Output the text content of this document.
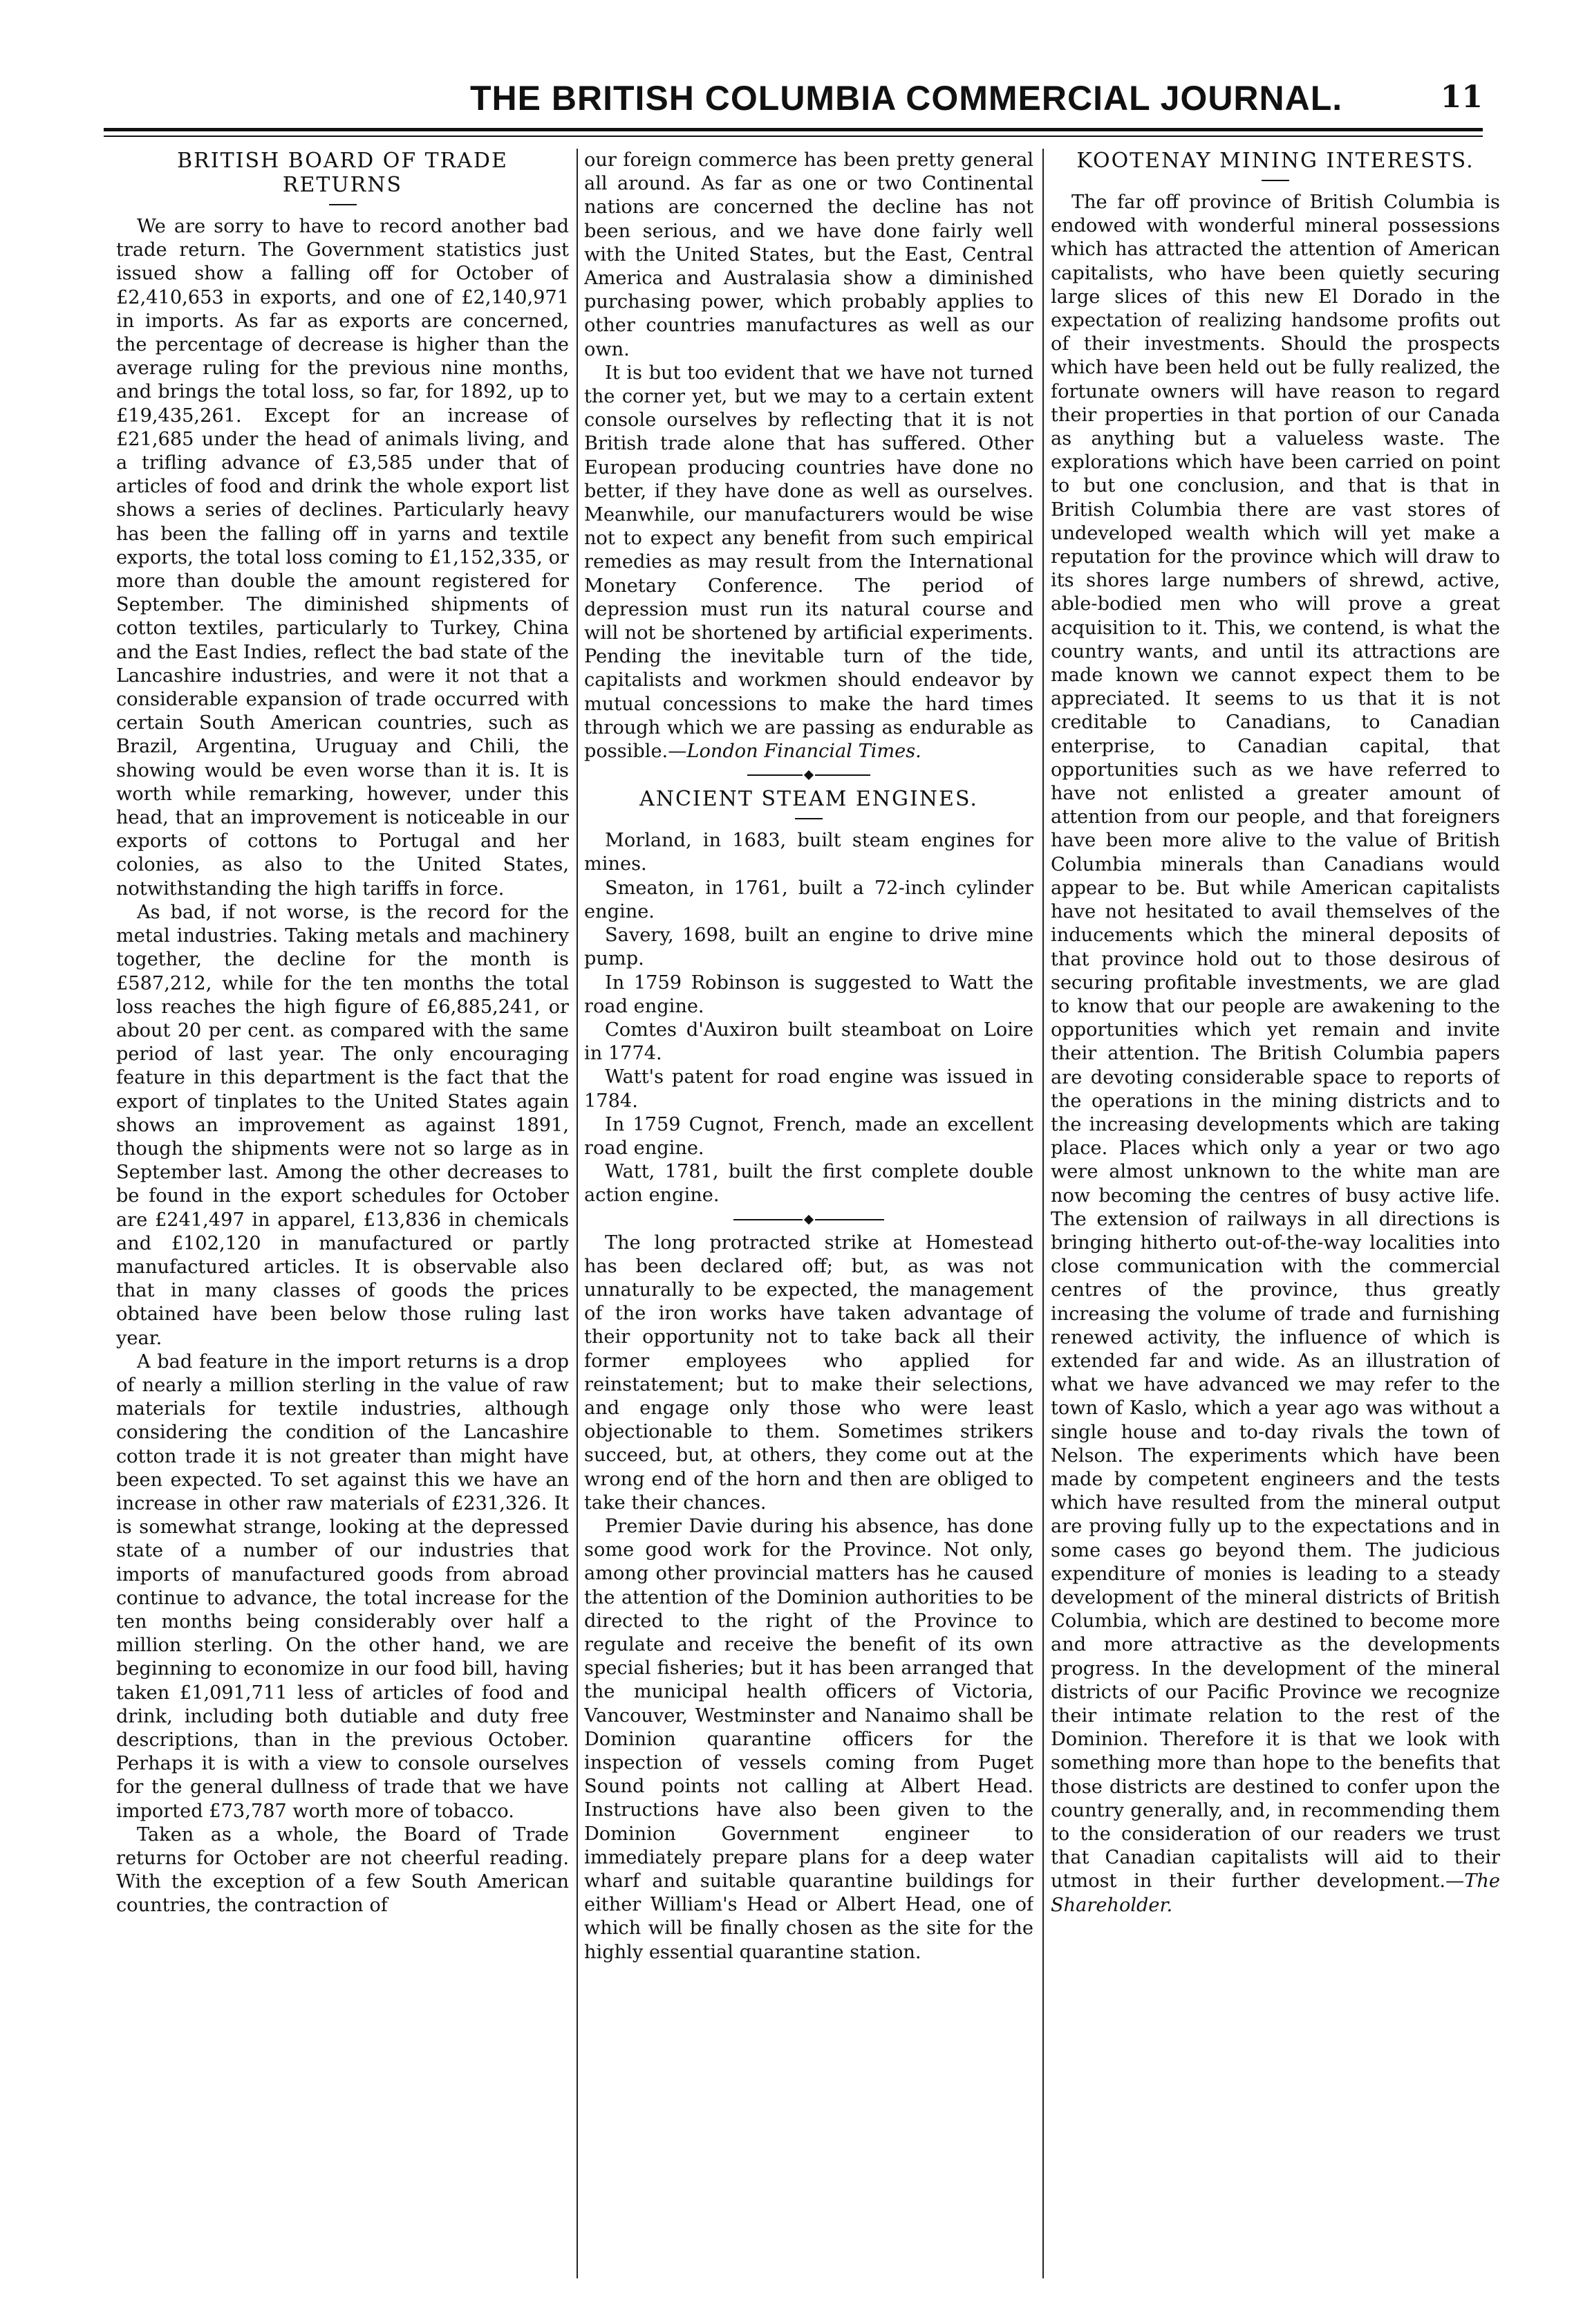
THE BRITISH COLUMBIA COMMERCIAL JOURNAL.	11
BRITISH BOARD OF TRADE RETURNS

We are sorry to have to record another bad trade return. The Government statistics just issued show a falling off for October of £2,410,653 in exports, and one of £2,140,971 in imports. As far as exports are concerned, the percentage of decrease is higher than the average ruling for the previous nine months, and brings the total loss, so far, for 1892, up to £19,435,261. Except for an increase of £21,685 under the head of animals living, and a trifling advance of £3,585 under that of articles of food and drink the whole export list shows a series of declines. Particularly heavy has been the falling off in yarns and textile exports, the total loss coming to £1,152,335, or more than double the amount registered for September. The diminished shipments of cotton textiles, particularly to Turkey, China and the East Indies, reflect the bad state of the Lancashire industries, and were it not that a considerable expansion of trade occurred with certain South American countries, such as Brazil, Argentina, Uruguay and Chili, the showing would be even worse than it is. It is worth while remarking, however, under this head, that an improvement is noticeable in our exports of cottons to Portugal and her colonies, as also to the United States, notwithstanding the high tariffs in force.

As bad, if not worse, is the record for the metal industries. Taking metals and machinery together, the decline for the month is £587,212, while for the ten months the total loss reaches the high figure of £6,885,241, or about 20 per cent. as compared with the same period of last year. The only encouraging feature in this department is the fact that the export of tinplates to the United States again shows an improvement as against 1891, though the shipments were not so large as in September last. Among the other decreases to be found in the export schedules for October are £241,497 in apparel, £13,836 in chemicals and £102,120 in manufactured or partly manufactured articles. It is observable also that in many classes of goods the prices obtained have been below those ruling last year.

A bad feature in the import returns is a drop of nearly a million sterling in the value of raw materials for textile industries, although considering the condition of the Lancashire cotton trade it is not greater than might have been expected. To set against this we have an increase in other raw materials of £231,326. It is somewhat strange, looking at the depressed state of a number of our industries that imports of manufactured goods from abroad continue to advance, the total increase for the ten months being considerably over half a million sterling. On the other hand, we are beginning to economize in our food bill, having taken £1,091,711 less of articles of food and drink, including both dutiable and duty free descriptions, than in the previous October. Perhaps it is with a view to console ourselves for the general dullness of trade that we have imported £73,787 worth more of tobacco.

Taken as a whole, the Board of Trade returns for October are not cheerful reading. With the exception of a few South American countries, the contraction of

our foreign commerce has been pretty general all around. As far as one or two Continental nations are concerned the decline has not been serious, and we have done fairly well with the United States, but the East, Central America and Australasia show a diminished purchasing power, which probably applies to other countries manufactures as well as our own.

It is but too evident that we have not turned the corner yet, but we may to a certain extent console ourselves by reflecting that it is not British trade alone that has suffered. Other European producing countries have done no better, if they have done as well as ourselves. Meanwhile, our manufacturers would be wise not to expect any benefit from such empirical remedies as may result from the International Monetary Conference. The period of depression must run its natural course and will not be shortened by artificial experiments. Pending the inevitable turn of the tide, capitalists and workmen should endeavor by mutual concessions to make the hard times through which we are passing as endurable as possible.—London Financial Times.

ANCIENT STEAM ENGINES.

Morland, in 1683, built steam engines for mines.

Smeaton, in 1761, built a 72-inch cylinder engine.

Savery, 1698, built an engine to drive mine pump.

In 1759 Robinson is suggested to Watt the road engine.

Comtes d'Auxiron built steamboat on Loire in 1774.

Watt's patent for road engine was issued in 1784.

In 1759 Cugnot, French, made an excellent road engine.

Watt, 1781, built the first complete double action engine.

The long protracted strike at Homestead has been declared off; but, as was not unnaturally to be expected, the management of the iron works have taken advantage of their opportunity not to take back all their former employees who applied for reinstatement; but to make their selections, and engage only those who were least objectionable to them. Sometimes strikers succeed, but, at others, they come out at the wrong end of the horn and then are obliged to take their chances.

Premier Davie during his absence, has done some good work for the Province. Not only, among other provincial matters has he caused the attention of the Dominion authorities to be directed to the right of the Province to regulate and receive the benefit of its own special fisheries; but it has been arranged that the municipal health officers of Victoria, Vancouver, Westminster and Nanaimo shall be Dominion quarantine officers for the inspection of vessels coming from Puget Sound points not calling at Albert Head. Instructions have also been given to the Dominion Government engineer to immediately prepare plans for a deep water wharf and suitable quarantine buildings for either William's Head or Albert Head, one of which will be finally chosen as the site for the highly essential quarantine station.

KOOTENAY MINING INTERESTS.

The far off province of British Columbia is endowed with wonderful mineral possessions which has attracted the attention of American capitalists, who have been quietly securing large slices of this new El Dorado in the expectation of realizing handsome profits out of their investments. Should the prospects which have been held out be fully realized, the fortunate owners will have reason to regard their properties in that portion of our Canada as anything but a valueless waste. The explorations which have been carried on point to but one conclusion, and that is that in British Columbia there are vast stores of undeveloped wealth which will yet make a reputation for the province which will draw to its shores large numbers of shrewd, active, able-bodied men who will prove a great acquisition to it. This, we contend, is what the country wants, and until its attractions are made known we cannot expect them to be appreciated. It seems to us that it is not creditable to Canadians, to Canadian enterprise, to Canadian capital, that opportunities such as we have referred to have not enlisted a greater amount of attention from our people, and that foreigners have been more alive to the value of British Columbia minerals than Canadians would appear to be. But while American capitalists have not hesitated to avail themselves of the inducements which the mineral deposits of that province hold out to those desirous of securing profitable investments, we are glad to know that our people are awakening to the opportunities which yet remain and invite their attention. The British Columbia papers are devoting considerable space to reports of the operations in the mining districts and to the increasing developments which are taking place. Places which only a year or two ago were almost unknown to the white man are now becoming the centres of busy active life. The extension of railways in all directions is bringing hitherto out-of-the-way localities into close communication with the commercial centres of the province, thus greatly increasing the volume of trade and furnishing renewed activity, the influence of which is extended far and wide. As an illustration of what we have advanced we may refer to the town of Kaslo, which a year ago was without a single house and to-day rivals the town of Nelson. The experiments which have been made by competent engineers and the tests which have resulted from the mineral output are proving fully up to the expectations and in some cases go beyond them. The judicious expenditure of monies is leading to a steady development of the mineral districts of British Columbia, which are destined to become more and more attractive as the developments progress. In the development of the mineral districts of our Pacific Province we recognize their intimate relation to the rest of the Dominion. Therefore it is that we look with something more than hope to the benefits that those districts are destined to confer upon the country generally, and, in recommending them to the consideration of our readers we trust that Canadian capitalists will aid to their utmost in their further development.—The Shareholder.
